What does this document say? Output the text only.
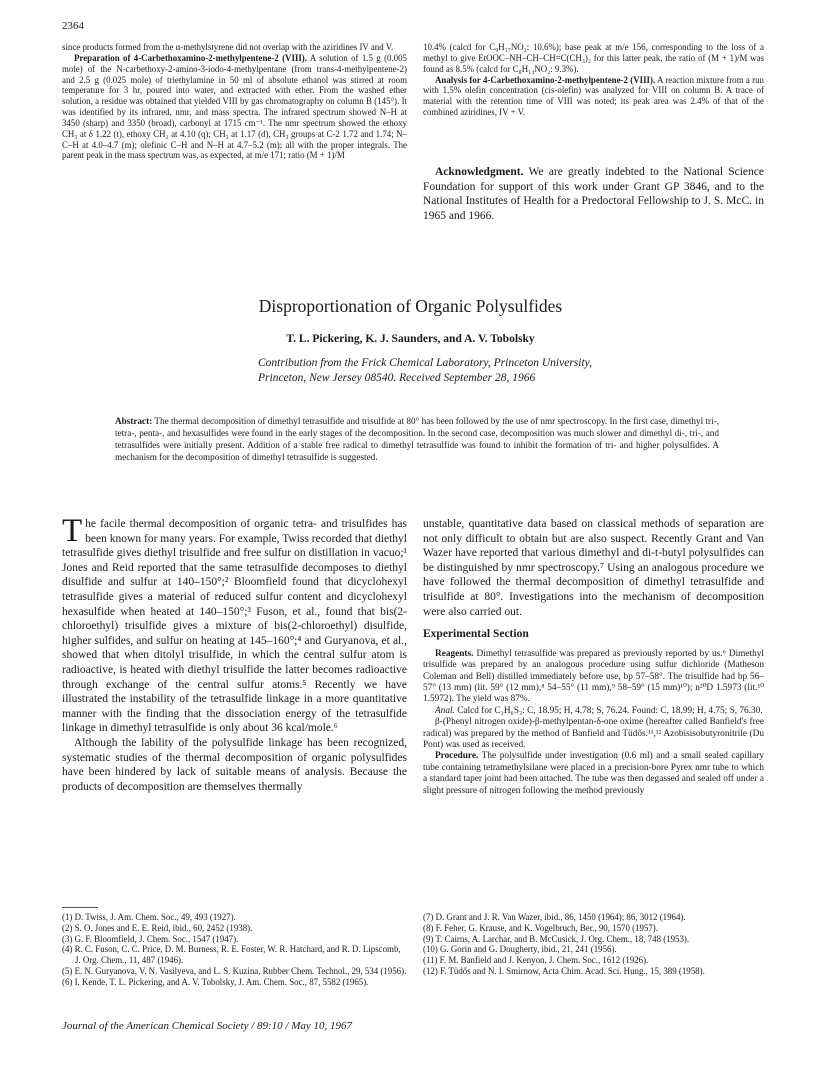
2364

since products formed from the α-methylstyrene did not overlap with the aziridines IV and V.

Preparation of 4-Carbethoxamino-2-methylpentene-2 (VIII). A solution of 1.5 g (0.005 mole) of the N-carbethoxy-2-amino-3-iodo-4-methylpentane (from trans-4-methylpentene-2) and 2.5 g (0.025 mole) of triethylamine in 50 ml of absolute ethanol was stirred at room temperature for 3 hr, poured into water, and extracted with ether. From the washed ether solution, a residue was obtained that yielded VIII by gas chromatography on column B (145°). It was identified by its infrared, nmr, and mass spectra. The infrared spectrum showed N–H at 3450 (sharp) and 3350 (broad), carbonyl at 1715 cm⁻¹. The nmr spectrum showed the ethoxy CH₃ at δ 1.22 (t), ethoxy CH₂ at 4.10 (q); CH₃ at 1.17 (d), CH₃ groups at C-2 1.72 and 1.74; N–C–H at 4.0–4.7 (m); olefinic C–H and N–H at 4.7–5.2 (m); all with the proper integrals. The parent peak in the mass spectrum was, as expected, at m/e 171; ratio (M + 1)/M

10.4% (calcd for C₉H₁₇NO₂: 10.6%); base peak at m/e 156, corresponding to the loss of a methyl to give EtOOC–NH–CH–CH=C(CH₃)₂ for this latter peak, the ratio of (M + 1)/M was found as 8.5% (calcd for C₈H₁₄NO₂: 9.3%).

Analysis for 4-Carbethoxamino-2-methylpentene-2 (VIII). A reaction mixture from a run with 1.5% olefin concentration (cis-olefin) was analyzed for VIII on column B. A trace of material with the retention time of VIII was noted; its peak area was 2.4% of that of the combined aziridines, IV + V.

Acknowledgment. We are greatly indebted to the National Science Foundation for support of this work under Grant GP 3846, and to the National Institutes of Health for a Predoctoral Fellowship to J. S. McC. in 1965 and 1966.

Disproportionation of Organic Polysulfides
T. L. Pickering, K. J. Saunders, and A. V. Tobolsky
Contribution from the Frick Chemical Laboratory, Princeton University,
Princeton, New Jersey 08540. Received September 28, 1966
Abstract: The thermal decomposition of dimethyl tetrasulfide and trisulfide at 80° has been followed by the use of nmr spectroscopy. In the first case, dimethyl tri-, tetra-, penta-, and hexasulfides were found in the early stages of the decomposition. In the second case, decomposition was much slower and dimethyl di-, tri-, and tetrasulfides were initially present. Addition of a stable free radical to dimethyl tetrasulfide was found to inhibit the formation of tri- and higher polysulfides. A mechanism for the decomposition of dimethyl tetrasulfide is suggested.

The facile thermal decomposition of organic tetra- and trisulfides has been known for many years. For example, Twiss recorded that diethyl tetrasulfide gives diethyl trisulfide and free sulfur on distillation in vacuo;¹ Jones and Reid reported that the same tetrasulfide decomposes to diethyl disulfide and sulfur at 140–150°;² Bloomfield found that dicyclohexyl tetrasulfide gives a material of reduced sulfur content and dicyclohexyl hexasulfide when heated at 140–150°;³ Fuson, et al., found that bis(2-chloroethyl) trisulfide gives a mixture of bis(2-chloroethyl) disulfide, higher sulfides, and sulfur on heating at 145–160°;⁴ and Guryanova, et al., showed that when ditolyl trisulfide, in which the central sulfur atom is radioactive, is heated with diethyl trisulfide the latter becomes radioactive through exchange of the central sulfur atoms.⁵ Recently we have illustrated the instability of the tetrasulfide linkage in a more quantitative manner with the finding that the dissociation energy of the tetrasulfide linkage in dimethyl tetrasulfide is only about 36 kcal/mole.⁶

Although the lability of the polysulfide linkage has been recognized, systematic studies of the thermal decomposition of organic polysulfides have been hindered by lack of suitable means of analysis. Because the products of decomposition are themselves thermally

unstable, quantitative data based on classical methods of separation are not only difficult to obtain but are also suspect. Recently Grant and Van Wazer have reported that various dimethyl and di-t-butyl polysulfides can be distinguished by nmr spectroscopy.⁷ Using an analogous procedure we have followed the thermal decomposition of dimethyl tetrasulfide and trisulfide at 80°. Investigations into the mechanism of decomposition were also carried out.

Experimental Section

Reagents. Dimethyl tetrasulfide was prepared as previously reported by us.⁶ Dimethyl trisulfide was prepared by an analogous procedure using sulfur dichloride (Matheson Coleman and Bell) distilled immediately before use, bp 57–58°. The trisulfide had bp 56–57° (13 mm) (lit. 59° (12 mm),⁸ 54–55° (11 mm),⁹ 58–59° (15 mm)¹⁰); n²⁰D 1.5973 (lit.¹⁰ 1.5972). The yield was 87%.

Anal. Calcd for C₂H₆S₃: C, 18.95; H, 4.78; S, 76.24. Found: C, 18.99; H, 4.75; S, 76.30.

β-(Phenyl nitrogen oxide)-β-methylpentan-δ-one oxime (hereafter called Banfield's free radical) was prepared by the method of Banfield and Tüdős.¹¹,¹² Azobisisobutyronitrile (Du Pont) was used as received.

Procedure. The polysulfide under investigation (0.6 ml) and a small sealed capillary tube containing tetramethylsilane were placed in a precision-bore Pyrex nmr tube to which a standard taper joint had been attached. The tube was then degassed and sealed off under a slight pressure of nitrogen following the method previously

(1) D. Twiss, J. Am. Chem. Soc., 49, 493 (1927).
(2) S. O. Jones and E. E. Reid, ibid., 60, 2452 (1938).
(3) G. F. Bloomfield, J. Chem. Soc., 1547 (1947).
(4) R. C. Fuson, C. C. Price, D. M. Burness, R. E. Foster, W. R. Hatchard, and R. D. Lipscomb, J. Org. Chem., 11, 487 (1946).
(5) E. N. Guryanova, V. N. Vasilyeva, and L. S. Kuzina, Rubber Chem. Technol., 29, 534 (1956).
(6) I. Kende, T. L. Pickering, and A. V. Tobolsky, J. Am. Chem. Soc., 87, 5582 (1965).
(7) D. Grant and J. R. Van Wazer, ibid., 86, 1450 (1964); 86, 3012 (1964).
(8) F. Feher, G. Krause, and K. Vogelbruch, Ber., 90, 1570 (1957).
(9) T. Cairns, A. Larchar, and B. McCusick, J. Org. Chem., 18, 748 (1953).
(10) G. Gorin and G. Dougherty, ibid., 21, 241 (1956).
(11) F. M. Banfield and J. Kenyon, J. Chem. Soc., 1612 (1926).
(12) F. Tüdős and N. I. Smirnow, Acta Chim. Acad. Sci. Hung., 15, 389 (1958).
Journal of the American Chemical Society / 89:10 / May 10, 1967
